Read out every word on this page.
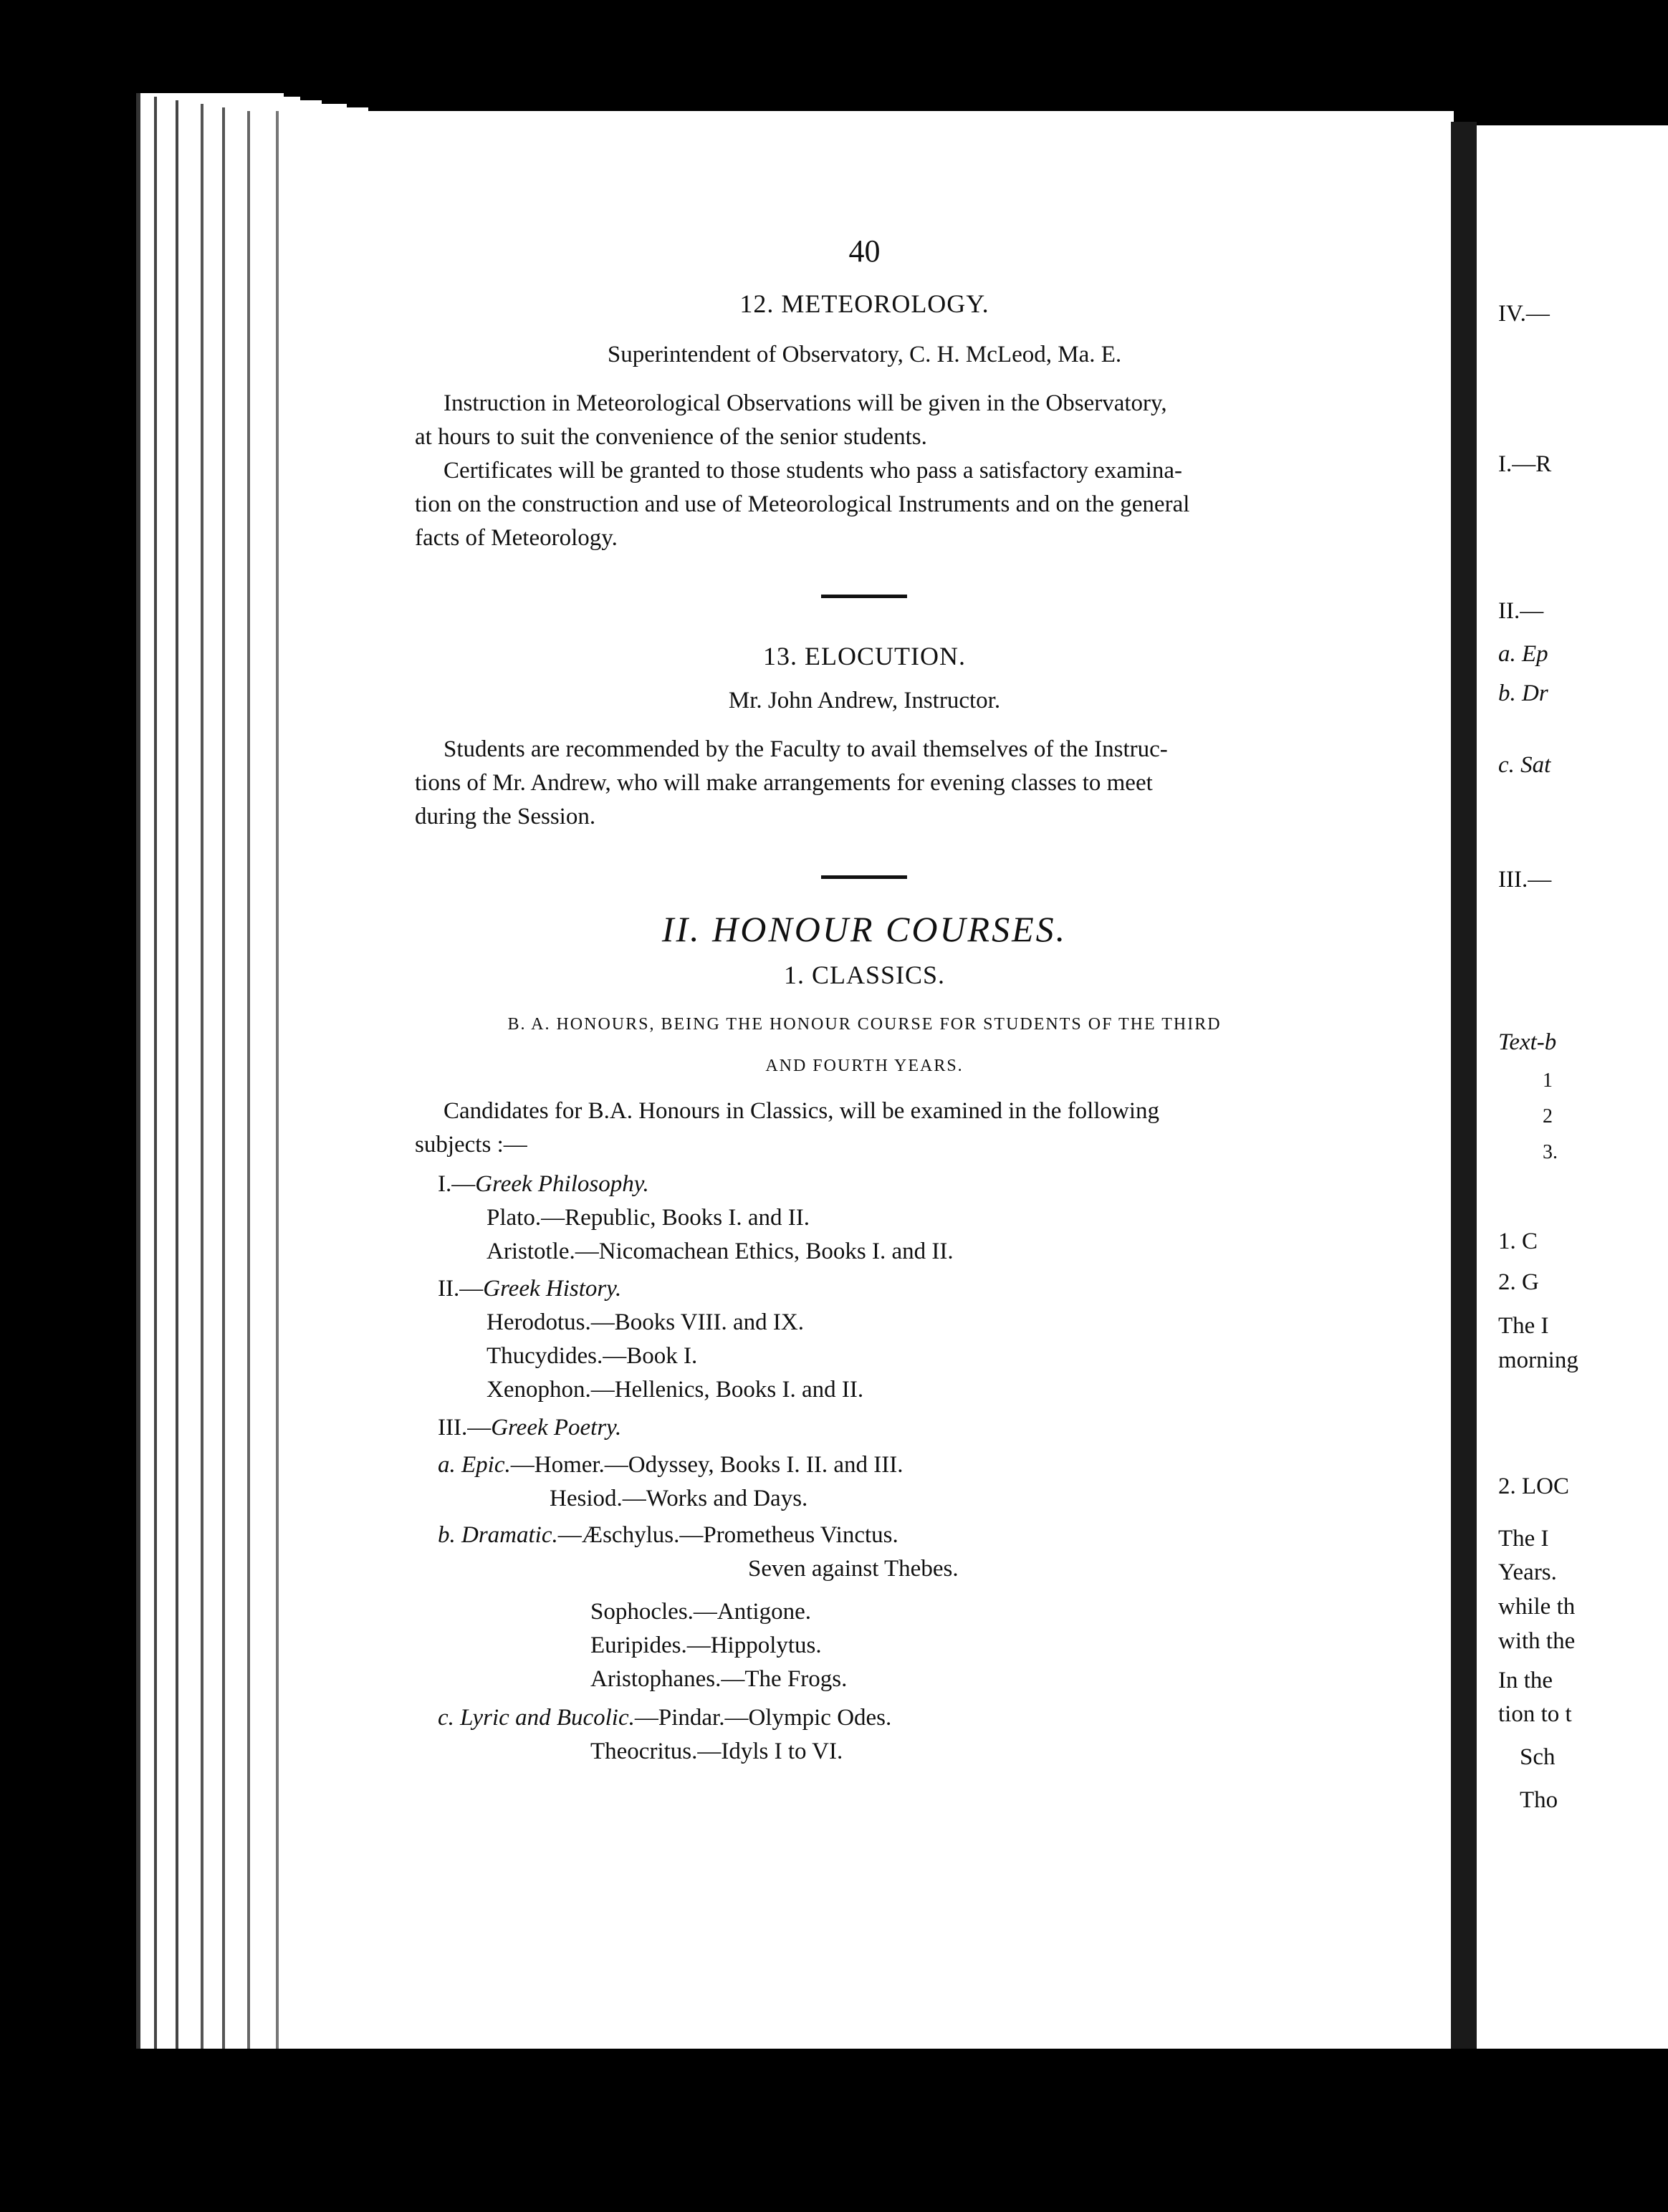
40
12. METEOROLOGY.
Superintendent of Observatory, C. H. McLeod, Ma. E.
Instruction in Meteorological Observations will be given in the Observatory,
at hours to suit the convenience of the senior students.
Certificates will be granted to those students who pass a satisfactory examina-
tion on the construction and use of Meteorological Instruments and on the general
facts of Meteorology.
13. ELOCUTION.
Mr. John Andrew, Instructor.
Students are recommended by the Faculty to avail themselves of the Instruc-
tions of Mr. Andrew, who will make arrangements for evening classes to meet
during the Session.
II. HONOUR COURSES.
1. CLASSICS.
B. A. HONOURS, BEING THE HONOUR COURSE FOR STUDENTS OF THE THIRD
AND FOURTH YEARS.
Candidates for B.A. Honours in Classics, will be examined in the following
subjects :—
I.—Greek Philosophy.
Plato.—Republic, Books I. and II.
Aristotle.—Nicomachean Ethics, Books I. and II.
II.—Greek History.
Herodotus.—Books VIII. and IX.
Thucydides.—Book I.
Xenophon.—Hellenics, Books I. and II.
III.—Greek Poetry.
a. Epic.—Homer.—Odyssey, Books I. II. and III.
Hesiod.—Works and Days.
b. Dramatic.—Æschylus.—Prometheus Vinctus.
Seven against Thebes.
Sophocles.—Antigone.
Euripides.—Hippolytus.
Aristophanes.—The Frogs.
c. Lyric and Bucolic.—Pindar.—Olympic Odes.
Theocritus.—Idyls I to VI.
IV.—
I.—R
II.—
a. Ep
b. Dr
c. Sat
III.—
Text-b
1
2
3.
1. C
2. G
The I
morning
2. LOC
The I
Years.
while th
with the
In the
tion to t
Sch
Tho
